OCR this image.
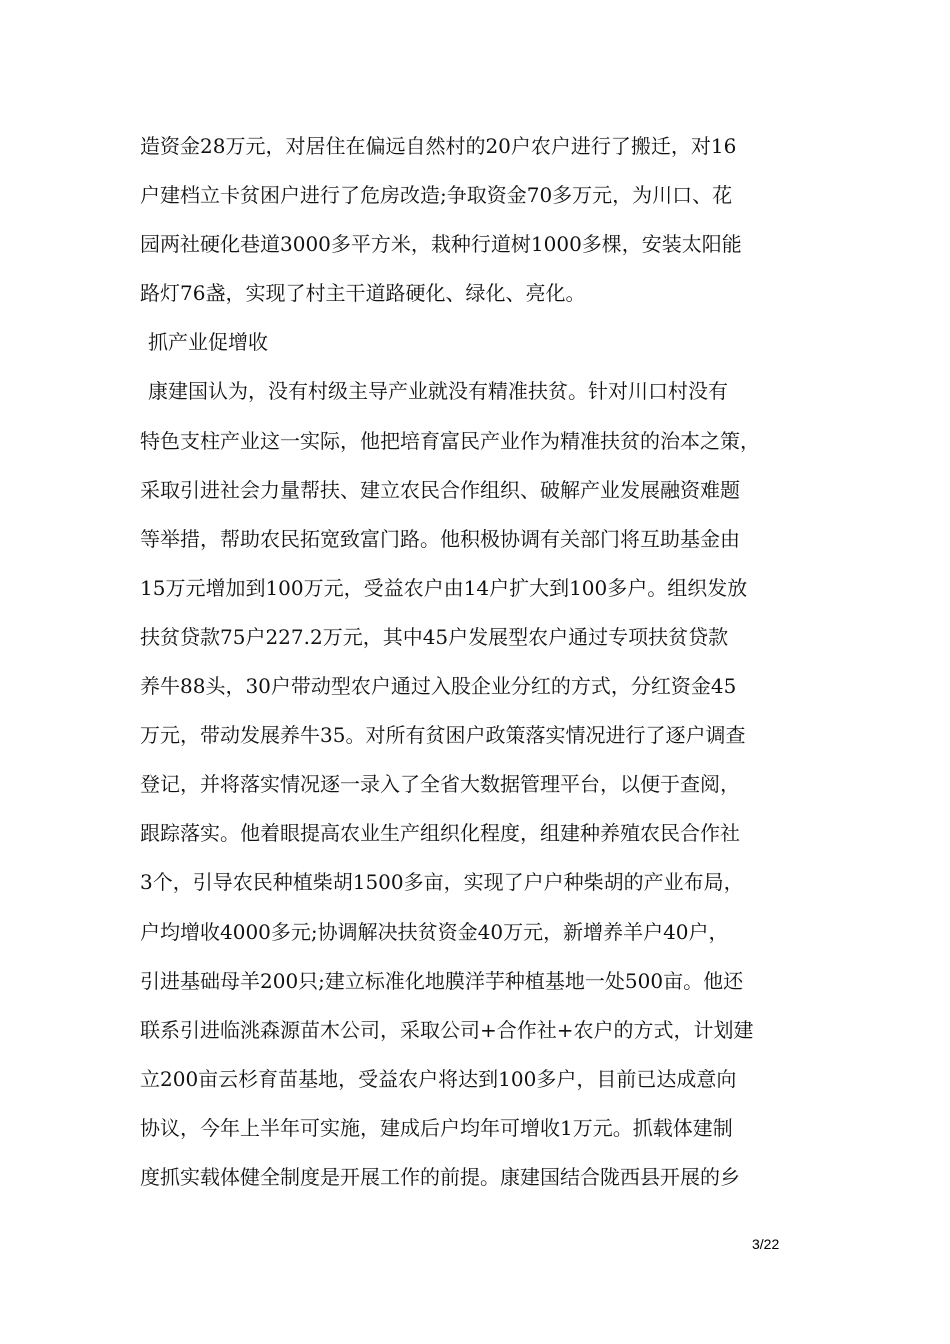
造资金28万元，对居住在偏远自然村的20户农户进行了搬迁，对16
户建档立卡贫困户进行了危房改造;争取资金70多万元，为川口、花
园两社硬化巷道3000多平方米，栽种行道树1000多棵，安装太阳能
路灯76盏，实现了村主干道路硬化、绿化、亮化。
抓产业促增收
康建国认为，没有村级主导产业就没有精准扶贫。针对川口村没有
特色支柱产业这一实际，他把培育富民产业作为精准扶贫的治本之策，
采取引进社会力量帮扶、建立农民合作组织、破解产业发展融资难题
等举措，帮助农民拓宽致富门路。他积极协调有关部门将互助基金由
15万元增加到100万元，受益农户由14户扩大到100多户。组织发放
扶贫贷款75户227.2万元，其中45户发展型农户通过专项扶贫贷款
养牛88头，30户带动型农户通过入股企业分红的方式，分红资金45
万元，带动发展养牛35。对所有贫困户政策落实情况进行了逐户调查
登记，并将落实情况逐一录入了全省大数据管理平台，以便于查阅，
跟踪落实。他着眼提高农业生产组织化程度，组建种养殖农民合作社
3个，引导农民种植柴胡1500多亩，实现了户户种柴胡的产业布局，
户均增收4000多元;协调解决扶贫资金40万元，新增养羊户40户，
引进基础母羊200只;建立标准化地膜洋芋种植基地一处500亩。他还
联系引进临洮森源苗木公司，采取公司+合作社+农户的方式，计划建
立200亩云杉育苗基地，受益农户将达到100多户，目前已达成意向
协议，今年上半年可实施，建成后户均年可增收1万元。抓载体建制
度抓实载体健全制度是开展工作的前提。康建国结合陇西县开展的乡
3/22
